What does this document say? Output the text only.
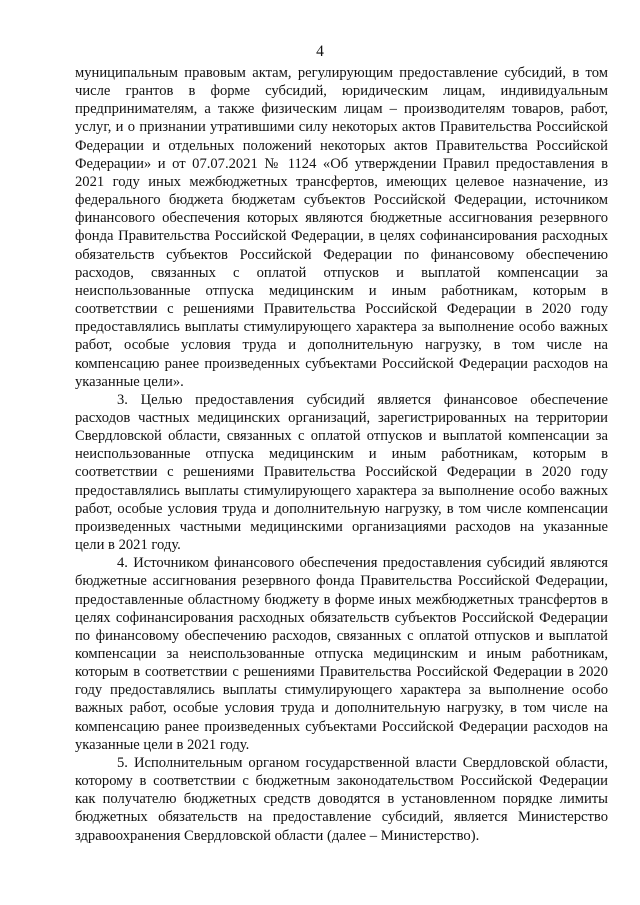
4

муниципальным правовым актам, регулирующим предоставление субсидий, в том числе грантов в форме субсидий, юридическим лицам, индивидуальным предпринимателям, а также физическим лицам – производителям товаров, работ, услуг, и о признании утратившими силу некоторых актов Правительства Российской Федерации и отдельных положений некоторых актов Правительства Российской Федерации» и от 07.07.2021 № 1124 «Об утверждении Правил предоставления в 2021 году иных межбюджетных трансфертов, имеющих целевое назначение, из федерального бюджета бюджетам субъектов Российской Федерации, источником финансового обеспечения которых являются бюджетные ассигнования резервного фонда Правительства Российской Федерации, в целях софинансирования расходных обязательств субъектов Российской Федерации по финансовому обеспечению расходов, связанных с оплатой отпусков и выплатой компенсации за неиспользованные отпуска медицинским и иным работникам, которым в соответствии с решениями Правительства Российской Федерации в 2020 году предоставлялись выплаты стимулирующего характера за выполнение особо важных работ, особые условия труда и дополнительную нагрузку, в том числе на компенсацию ранее произведенных субъектами Российской Федерации расходов на указанные цели».

3. Целью предоставления субсидий является финансовое обеспечение расходов частных медицинских организаций, зарегистрированных на территории Свердловской области, связанных с оплатой отпусков и выплатой компенсации за неиспользованные отпуска медицинским и иным работникам, которым в соответствии с решениями Правительства Российской Федерации в 2020 году предоставлялись выплаты стимулирующего характера за выполнение особо важных работ, особые условия труда и дополнительную нагрузку, в том числе компенсации произведенных частными медицинскими организациями расходов на указанные цели в 2021 году.

4. Источником финансового обеспечения предоставления субсидий являются бюджетные ассигнования резервного фонда Правительства Российской Федерации, предоставленные областному бюджету в форме иных межбюджетных трансфертов в целях софинансирования расходных обязательств субъектов Российской Федерации по финансовому обеспечению расходов, связанных с оплатой отпусков и выплатой компенсации за неиспользованные отпуска медицинским и иным работникам, которым в соответствии с решениями Правительства Российской Федерации в 2020 году предоставлялись выплаты стимулирующего характера за выполнение особо важных работ, особые условия труда и дополнительную нагрузку, в том числе на компенсацию ранее произведенных субъектами Российской Федерации расходов на указанные цели в 2021 году.

5. Исполнительным органом государственной власти Свердловской области, которому в соответствии с бюджетным законодательством Российской Федерации как получателю бюджетных средств доводятся в установленном порядке лимиты бюджетных обязательств на предоставление субсидий, является Министерство здравоохранения Свердловской области (далее – Министерство).
